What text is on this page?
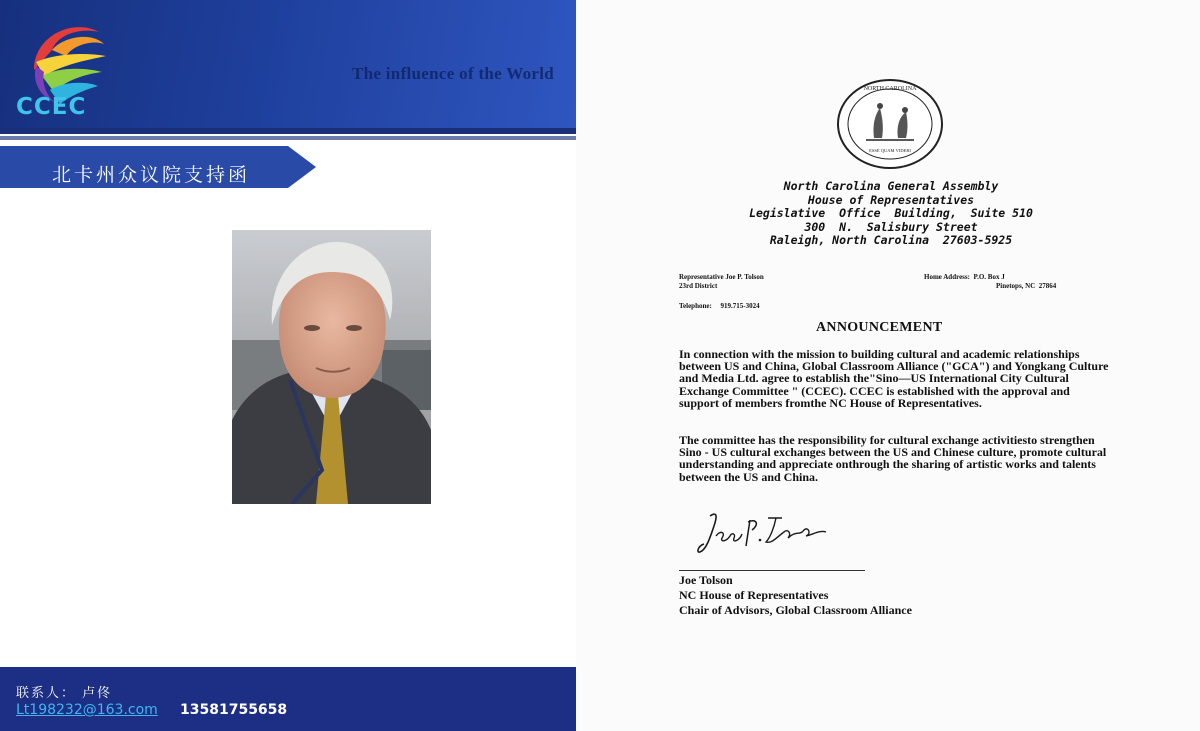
The influence of the World
CCEC
北卡州众议院支持函
联系人： 卢佟
Lt198232@163.com 13581755658
NORTH CAROLINA
ESSE QUAM VIDERI
North Carolina General Assembly
House of Representatives
Legislative  Office  Building,  Suite 510
300  N.  Salisbury Street
Raleigh, North Carolina  27603-5925
Representative Joe P. Tolson
23rd District
Home Address:  P.O. Box J
Pinetops, NC  27864
Telephone:     919.715-3024
ANNOUNCEMENT
In connection with the mission to building cultural and academic relationships between US and China, Global Classroom Alliance ("GCA") and Yongkang Culture and Media Ltd. agree to establish the"Sino—US International City Cultural Exchange Committee " (CCEC). CCEC is established with the approval and support of members fromthe NC House of Representatives.
The committee has the responsibility for cultural exchange activitiesto strengthen Sino - US cultural exchanges between the US and Chinese culture, promote cultural understanding and appreciate onthrough the sharing of artistic works and talents between the US and China.
Joe Tolson
NC House of Representatives
Chair of Advisors, Global Classroom Alliance
